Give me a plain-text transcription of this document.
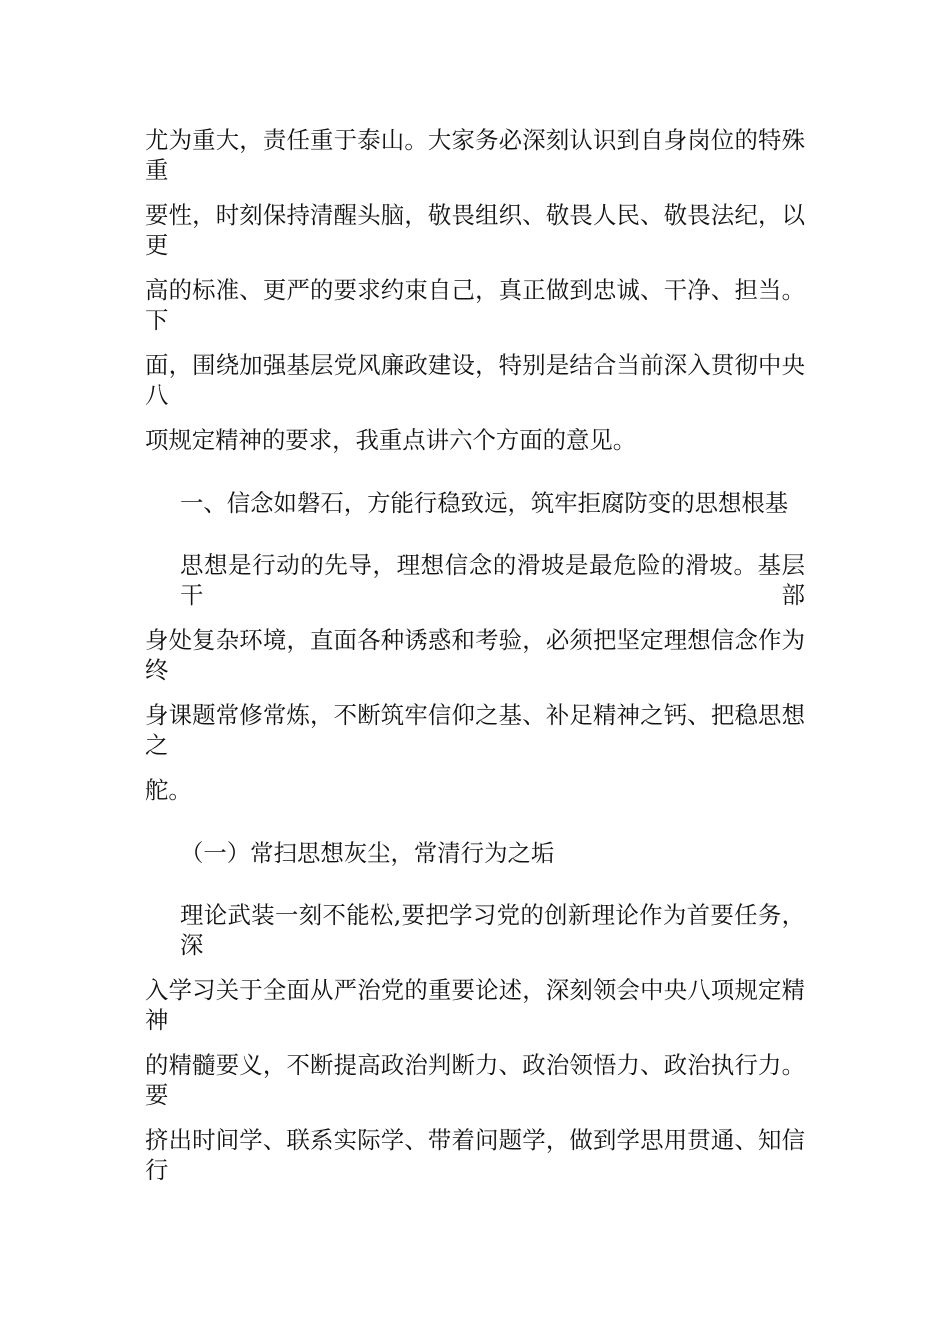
尤为重大，责任重于泰山。大家务必深刻认识到自身岗位的特殊重
要性，时刻保持清醒头脑，敬畏组织、敬畏人民、敬畏法纪，以更
高的标准、更严的要求约束自己，真正做到忠诚、干净、担当。下
面，围绕加强基层党风廉政建设，特别是结合当前深入贯彻中央八
项规定精神的要求，我重点讲六个方面的意见。
一、信念如磐石，方能行稳致远，筑牢拒腐防变的思想根基
思想是行动的先导，理想信念的滑坡是最危险的滑坡。基层干部
身处复杂环境，直面各种诱惑和考验，必须把坚定理想信念作为终
身课题常修常炼，不断筑牢信仰之基、补足精神之钙、把稳思想之
舵。
（一）常扫思想灰尘，常清行为之垢
理论武装一刻不能松,要把学习党的创新理论作为首要任务，深
入学习关于全面从严治党的重要论述，深刻领会中央八项规定精神
的精髓要义，不断提高政治判断力、政治领悟力、政治执行力。要
挤出时间学、联系实际学、带着问题学，做到学思用贯通、知信行
